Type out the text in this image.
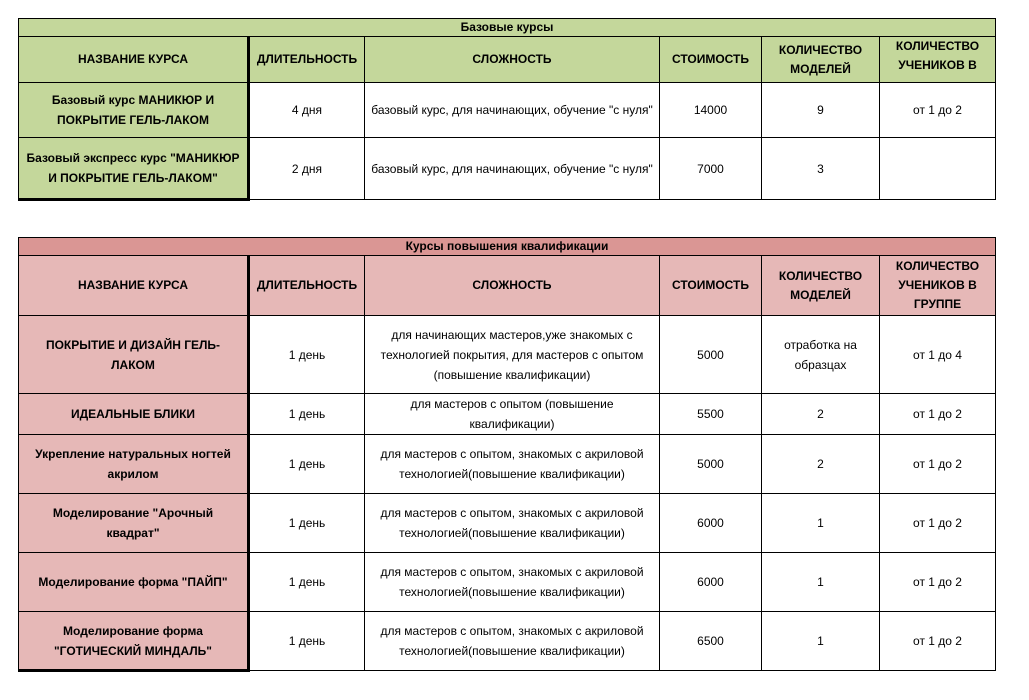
Базовые курсы					
НАЗВАНИЕ КУРСА	ДЛИТЕЛЬНОСТЬ	СЛОЖНОСТЬ	СТОИМОСТЬ	КОЛИЧЕСТВО МОДЕЛЕЙ	КОЛИЧЕСТВО УЧЕНИКОВ В
Базовый курс МАНИКЮР И ПОКРЫТИЕ ГЕЛЬ-ЛАКОМ	4 дня	базовый курс, для начинающих, обучение "с нуля"	14000	9	от 1 до 2
Базовый экспресс курс "МАНИКЮР И ПОКРЫТИЕ ГЕЛЬ-ЛАКОМ"	2 дня	базовый курс, для начинающих, обучение "с нуля"	7000	3	
Курсы повышения квалификации					
НАЗВАНИЕ КУРСА	ДЛИТЕЛЬНОСТЬ	СЛОЖНОСТЬ	СТОИМОСТЬ	КОЛИЧЕСТВО МОДЕЛЕЙ	КОЛИЧЕСТВО УЧЕНИКОВ В ГРУППЕ
ПОКРЫТИЕ И ДИЗАЙН ГЕЛЬ-ЛАКОМ	1 день	для начинающих мастеров,уже знакомых с технологией покрытия, для мастеров с опытом (повышение квалификации)	5000	отработка на образцах	от 1 до 4
ИДЕАЛЬНЫЕ БЛИКИ	1 день	для мастеров с опытом (повышение квалификации)	5500	2	от 1 до 2
Укрепление натуральных ногтей акрилом	1 день	для мастеров с опытом, знакомых с акриловой технологией(повышение квалификации)	5000	2	от 1 до 2
Моделирование "Арочный квадрат"	1 день	для мастеров с опытом, знакомых с акриловой технологией(повышение квалификации)	6000	1	от 1 до 2
Моделирование форма "ПАЙП"	1 день	для мастеров с опытом, знакомых с акриловой технологией(повышение квалификации)	6000	1	от 1 до 2
Моделирование форма "ГОТИЧЕСКИЙ МИНДАЛЬ"	1 день	для мастеров с опытом, знакомых с акриловой технологией(повышение квалификации)	6500	1	от 1 до 2
